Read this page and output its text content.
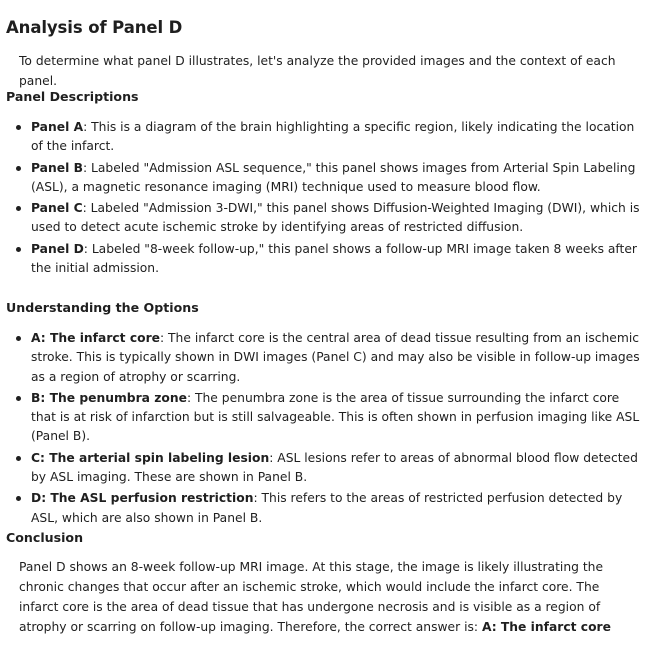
Analysis of Panel D

To determine what panel D illustrates, let's analyze the provided images and the context of each panel.

Panel Descriptions
Panel A: This is a diagram of the brain highlighting a specific region, likely indicating the location of the infarct.
Panel B: Labeled "Admission ASL sequence," this panel shows images from Arterial Spin Labeling (ASL), a magnetic resonance imaging (MRI) technique used to measure blood flow.
Panel C: Labeled "Admission 3-DWI," this panel shows Diffusion-Weighted Imaging (DWI), which is used to detect acute ischemic stroke by identifying areas of restricted diffusion.
Panel D: Labeled "8-week follow-up," this panel shows a follow-up MRI image taken 8 weeks after the initial admission.
Understanding the Options
A: The infarct core: The infarct core is the central area of dead tissue resulting from an ischemic stroke. This is typically shown in DWI images (Panel C) and may also be visible in follow-up images as a region of atrophy or scarring.
B: The penumbra zone: The penumbra zone is the area of tissue surrounding the infarct core that is at risk of infarction but is still salvageable. This is often shown in perfusion imaging like ASL (Panel B).
C: The arterial spin labeling lesion: ASL lesions refer to areas of abnormal blood flow detected by ASL imaging. These are shown in Panel B.
D: The ASL perfusion restriction: This refers to the areas of restricted perfusion detected by ASL, which are also shown in Panel B.
Conclusion

Panel D shows an 8-week follow-up MRI image. At this stage, the image is likely illustrating the chronic changes that occur after an ischemic stroke, which would include the infarct core. The infarct core is the area of dead tissue that has undergone necrosis and is visible as a region of atrophy or scarring on follow-up imaging. Therefore, the correct answer is: A: The infarct core
